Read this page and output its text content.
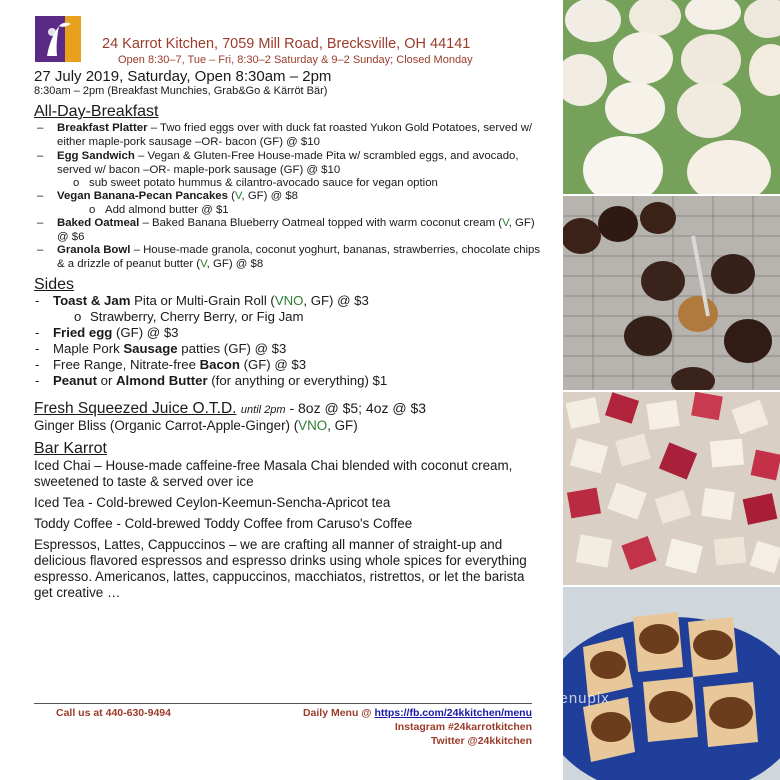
24 Karrot Kitchen, 7059 Mill Road, Brecksville, OH 44141
Open 8:30–7, Tue – Fri, 8:30–2 Saturday & 9–2 Sunday; Closed Monday
27 July 2019, Saturday, Open 8:30am – 2pm
8:30am – 2pm (Breakfast Munchies, Grab&Go & Kärröt Bär)
All-Day-Breakfast
– Breakfast Platter – Two fried eggs over with duck fat roasted Yukon Gold Potatoes, served w/ either maple-pork sausage –OR- bacon (GF) @ $10
– Egg Sandwich – Vegan & Gluten-Free House-made Pita w/ scrambled eggs, and avocado, served w/ bacon –OR- maple-pork sausage (GF) @ $10
o sub sweet potato hummus & cilantro-avocado sauce for vegan option
– Vegan Banana-Pecan Pancakes (V, GF) @ $8
o Add almond butter @ $1
– Baked Oatmeal – Baked Banana Blueberry Oatmeal topped with warm coconut cream (V, GF) @ $6
– Granola Bowl – House-made granola, coconut yoghurt, bananas, strawberries, chocolate chips & a drizzle of peanut butter (V, GF) @ $8
Sides
- Toast & Jam Pita or Multi-Grain Roll (VNO, GF) @ $3
o Strawberry, Cherry Berry, or Fig Jam
- Fried egg (GF) @ $3
- Maple Pork Sausage patties (GF) @ $3
- Free Range, Nitrate-free Bacon (GF) @ $3
- Peanut or Almond Butter (for anything or everything) $1
Fresh Squeezed Juice O.T.D. until 2pm - 8oz @ $5; 4oz @ $3
Ginger Bliss (Organic Carrot-Apple-Ginger) (VNO, GF)
Bar Karrot
Iced Chai – House-made caffeine-free Masala Chai blended with coconut cream, sweetened to taste & served over ice
Iced Tea - Cold-brewed Ceylon-Keemun-Sencha-Apricot tea
Toddy Coffee - Cold-brewed Toddy Coffee from Caruso's Coffee
Espressos, Lattes, Cappuccinos – we are crafting all manner of straight-up and delicious flavored espressos and espresso drinks using whole spices for everything espresso. Americanos, lattes, cappuccinos, macchiatos, ristrettos, or let the barista get creative …
Call us at 440-630-9494	Daily Menu @ https://fb.com/24kkitchen/menu
Instagram #24karrotkitchen
Twitter @24kkitchen
menupix
